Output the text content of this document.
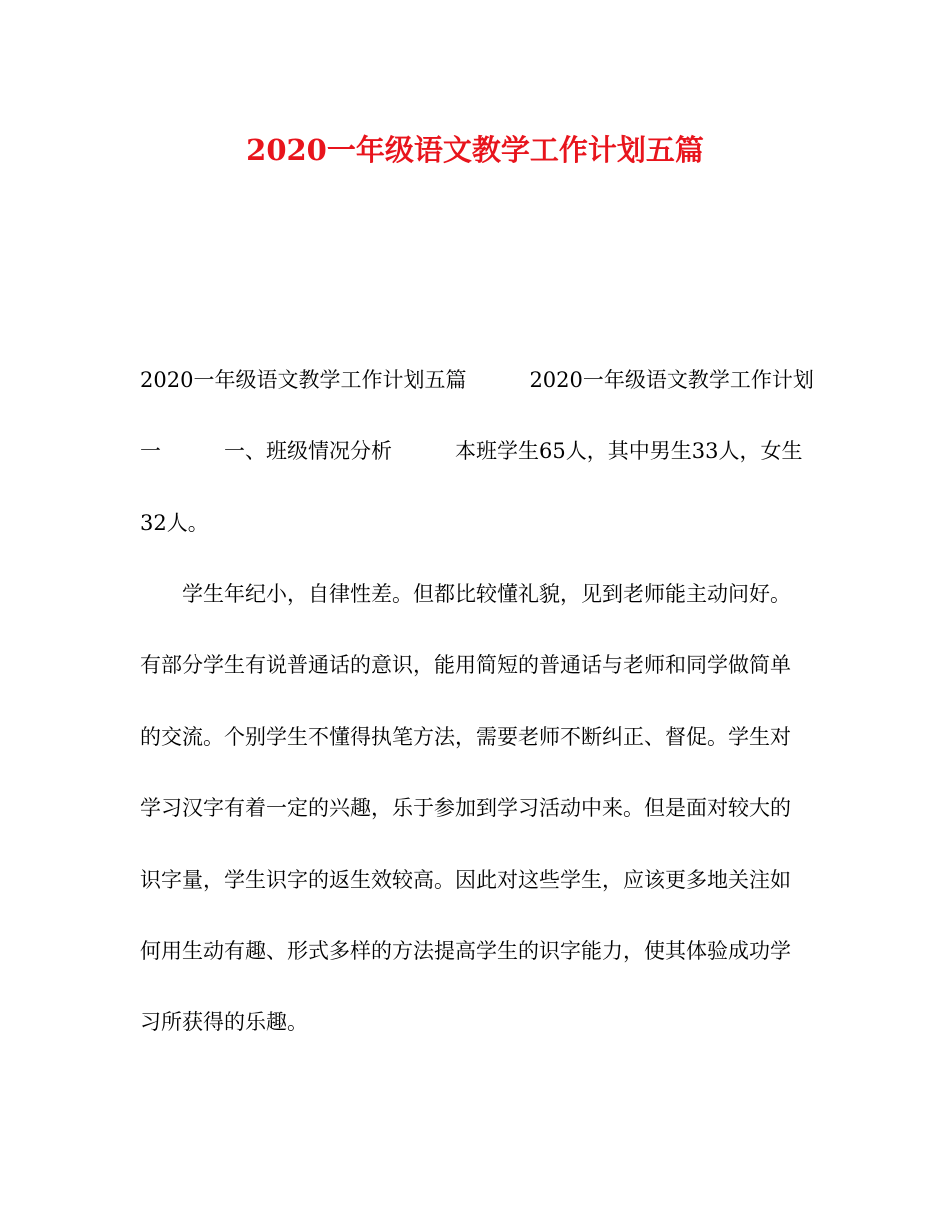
2020一年级语文教学工作计划五篇

2020一年级语文教学工作计划五篇　　　2020一年级语文教学工作计划

一　　　一、班级情况分析　　　本班学生65人，其中男生33人，女生

32人。

　　学生年纪小，自律性差。但都比较懂礼貌，见到老师能主动问好。

有部分学生有说普通话的意识，能用简短的普通话与老师和同学做简单

的交流。个别学生不懂得执笔方法，需要老师不断纠正、督促。学生对

学习汉字有着一定的兴趣，乐于参加到学习活动中来。但是面对较大的

识字量，学生识字的返生效较高。因此对这些学生，应该更多地关注如

何用生动有趣、形式多样的方法提高学生的识字能力，使其体验成功学

习所获得的乐趣。
